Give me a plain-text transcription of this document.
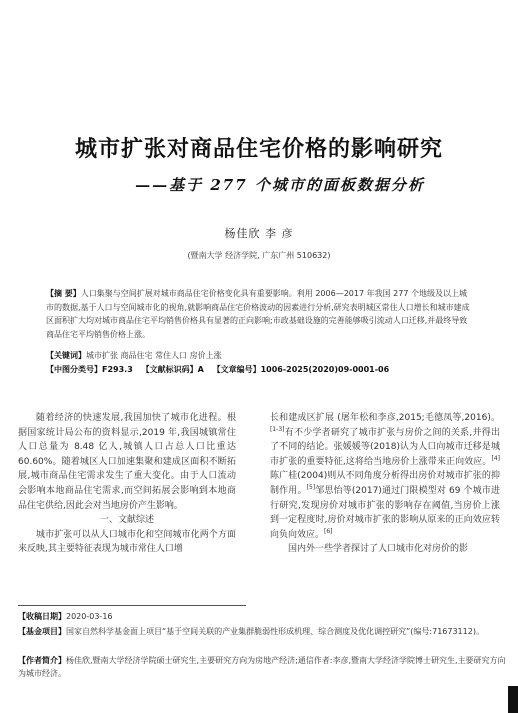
城市扩张对商品住宅价格的影响研究
——基于 277 个城市的面板数据分析
杨佳欣 李 彦
(暨南大学 经济学院, 广东广州 510632)
【摘 要】人口集聚与空间扩展对城市商品住宅价格变化具有重要影响。利用 2006—2017 年我国 277 个地级及以上城市的数据,基于人口与空间城市化的视角,就影响商品住宅价格波动的因素进行分析,研究表明城区常住人口增长和城市建成区面积扩大均对城市商品住宅平均销售价格具有显著的正向影响;市政基础设施的完善能够吸引流动人口迁移,并最终导致商品住宅平均销售价格上涨。
【关键词】城市扩张 商品住宅 常住人口 房价上涨
【中图分类号】F293.3 【文献标识码】A 【文章编号】1006-2025(2020)09-0001-06

随着经济的快速发展,我国加快了城市化进程。根据国家统计局公布的资料显示,2019 年,我国城镇常住人口总量为 8.48 亿人,城镇人口占总人口比重达 60.60%。随着城区人口加速集聚和建成区面积不断拓展,城市商品住宅需求发生了重大变化。由于人口流动会影响本地商品住宅需求,而空间拓展会影响到本地商品住宅供给,因此会对当地房价产生影响。

一、文献综述

城市扩张可以从人口城市化和空间城市化两个方面来反映,其主要特征表现为城市常住人口增

长和建成区扩展 (屠年松和李彦,2015;毛德凤等,2016)。[1-3]有不少学者研究了城市扩张与房价之间的关系,并得出了不同的结论。张媛媛等(2018)认为人口向城市迁移是城市扩张的重要特征,这将给当地房价上涨带来正向效应。[4]陈广桂(2004)则从不同角度分析得出房价对城市扩张的抑制作用。[5]邹思怡等(2017)通过门限模型对 69 个城市进行研究,发现房价对城市扩张的影响存在阈值,当房价上涨到一定程度时,房价对城市扩张的影响从原来的正向效应转向负向效应。[6]

国内外一些学者探讨了人口城市化对房价的影

【收稿日期】2020-03-16
【基金项目】国家自然科学基金面上项目“基于空间关联的产业集群脆弱性形成机理、综合测度及优化调控研究”(编号:71673112)。
【作者简介】杨佳欣,暨南大学经济学院硕士研究生,主要研究方向为房地产经济;通信作者:李彦,暨南大学经济学院博士研究生,主要研究方向为城市经济。
